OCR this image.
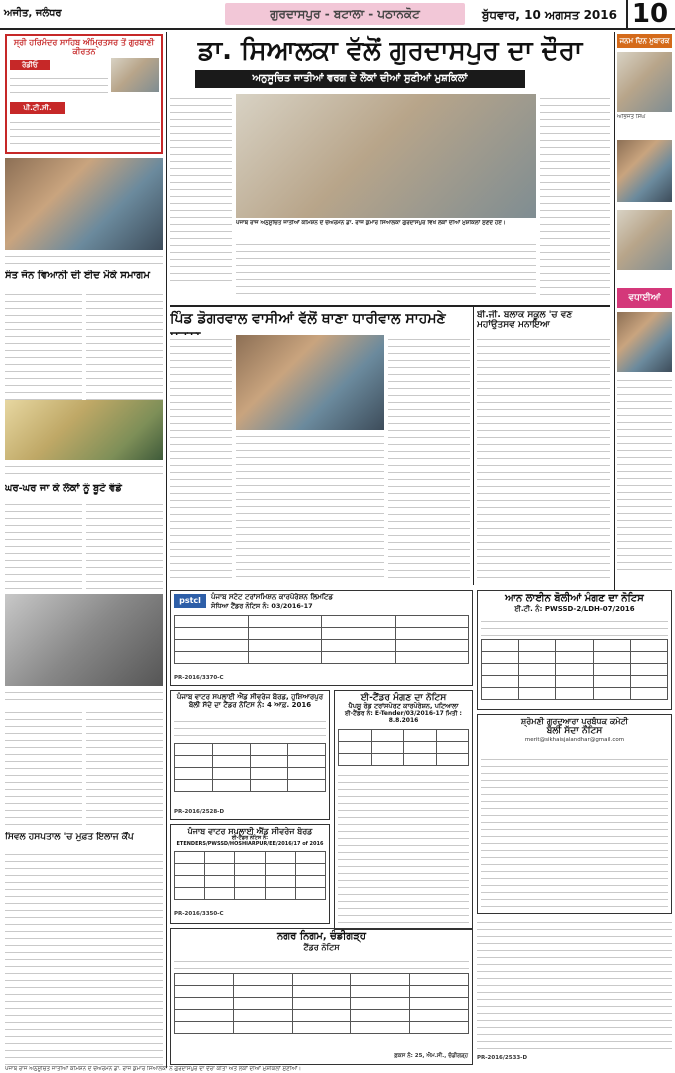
ਅਜੀਤ, ਜਲੰਧਰ	ਗੁਰਦਾਸਪੁਰ - ਬਟਾਲਾ - ਪਠਾਨਕੋਟ	ਬੁੱਧਵਾਰ, 10 ਅਗਸਤ 2016 10
ਸ੍ਰੀ ਹਰਿਮੰਦਰ ਸਾਹਿਬ ਅੰਮ੍ਰਿਤਸਰ ਤੋਂ ਗੁਰਬਾਣੀ ਕੀਰਤਨ
ਰੇਡੀਓ
ਪੀ.ਟੀ.ਸੀ.
ਸੰਤ ਜੋਨ ਵਿਆਨੀ ਦੀ ਈਦ ਮੌਕੇ ਸਮਾਗਮ
ਘਰ-ਘਰ ਜਾ ਕੇ ਲੋਕਾਂ ਨੂੰ ਬੂਟੇ ਵੰਡੇ
ਸਿਵਲ ਹਸਪਤਾਲ 'ਚ ਮੁਫ਼ਤ ਇਲਾਜ ਕੈਂਪ
ਡਾ. ਸਿਆਲਕਾ ਵੱਲੋਂ ਗੁਰਦਾਸਪੁਰ ਦਾ ਦੌਰਾ
ਅਨੁਸੂਚਿਤ ਜਾਤੀਆਂ ਵਰਗ ਦੇ ਲੋਕਾਂ ਦੀਆਂ ਸੁਣੀਆਂ ਮੁਸ਼ਕਿਲਾਂ
ਪੰਜਾਬ ਰਾਜ ਅਨੁਸੂਚਿਤ ਜਾਤੀਆਂ ਕਮਿਸ਼ਨ ਦੇ ਚੇਅਰਮੈਨ ਡਾ. ਰਾਜ ਕੁਮਾਰ ਸਿਆਲਕਾ ਗੁਰਦਾਸਪੁਰ ਵਿਖੇ ਲੋਕਾਂ ਦੀਆਂ ਮੁਸ਼ਕਿਲਾਂ ਸੁਣਦੇ ਹੋਏ।
ਪਿੰਡ ਡੋਗਰਵਾਲ ਵਾਸੀਆਂ ਵੱਲੋਂ ਥਾਣਾ ਧਾਰੀਵਾਲ ਸਾਹਮਣੇ	ਬੀ.ਜੀ. ਬਲਾਕ ਸਕੂਲ 'ਚ ਵਣ ਮਹਾਂਉਤਸਵ ਮਨਾਇਆ
ਜਨਮ ਦਿਨ ਮੁਬਾਰਕ
ਅਭਿਜੋਤ ਸਿੰਘ
ਵਧਾਈਆਂ
ਆਨ ਲਾਈਨ ਬੋਲੀਆਂ ਮੰਗਣ ਦਾ ਨੋਟਿਸ
ਈ.ਟੀ. ਨੰ: PWSSD-2/LDH-07/2016

ਸ਼੍ਰੋਮਣੀ ਗੁਰਦੁਆਰਾ ਪ੍ਰਬੰਧਕ ਕਮੇਟੀ
ਬੋਲੀ ਸੱਦਾ ਨੋਟਿਸ
merit@sikhaisjalandhar@gmail.com
PR-2016/2533-D
pstcl	ਪੰਜਾਬ ਸਟੇਟ ਟਰਾਂਸਮਿਸ਼ਨ ਕਾਰਪੋਰੇਸ਼ਨ ਲਿਮਟਿਡ
ਸੋਧਿਆ ਟੈਂਡਰ ਨੋਟਿਸ ਨੰ: 03/2016-17

PR-2016/3370-C
ਪੰਜਾਬ ਵਾਟਰ ਸਪਲਾਈ ਐਂਡ ਸੀਵਰੇਜ ਬੋਰਡ, ਹੁਸ਼ਿਆਰਪੁਰ
ਬੋਲੀ ਸੱਦੇ ਦਾ ਟੈਂਡਰ ਨੋਟਿਸ ਨੰ: 4 ਆਫ਼. 2016

PR-2016/2528-D
ਈ-ਟੈਂਡਰ ਮੰਗਣ ਦਾ ਨੋਟਿਸ
ਪੈਪਸੂ ਰੋਡ ਟਰਾਂਸਪੋਰਟ ਕਾਰਪੋਰੇਸ਼ਨ, ਪਟਿਆਲਾ
ਈ-ਟੈਂਡਰ ਨੰ: E-Tender/03/2016-17 ਮਿਤੀ : 8.8.2016

ਪੰਜਾਬ ਵਾਟਰ ਸਪਲਾਈ ਐਂਡ ਸੀਵਰੇਜ ਬੋਰਡ
ਈ-ਟੈਂਡਰ ਨੋਟਿਸ ਨੰ: ETENDERS/PWSSD/HOSHIARPUR/EE/2016/17 of 2016

PR-2016/3350-C
ਨਗਰ ਨਿਗਮ, ਚੰਡੀਗੜ੍ਹ
ਟੈਂਡਰ ਨੋਟਿਸ

ਫ਼ਕਸ ਨੰ: 25, ਐਮ.ਸੀ., ਚੰਡੀਗੜ੍ਹ
ਪੰਜਾਬ ਰਾਜ ਅਨੁਸੂਚਿਤ ਜਾਤੀਆਂ ਕਮਿਸ਼ਨ ਦੇ ਚੇਅਰਮੈਨ ਡਾ. ਰਾਜ ਕੁਮਾਰ ਸਿਆਲਕਾ ਨੇ ਗੁਰਦਾਸਪੁਰ ਦਾ ਦੌਰਾ ਕੀਤਾ ਅਤੇ ਲੋਕਾਂ ਦੀਆਂ ਮੁਸ਼ਕਿਲਾਂ ਸੁਣੀਆਂ।
